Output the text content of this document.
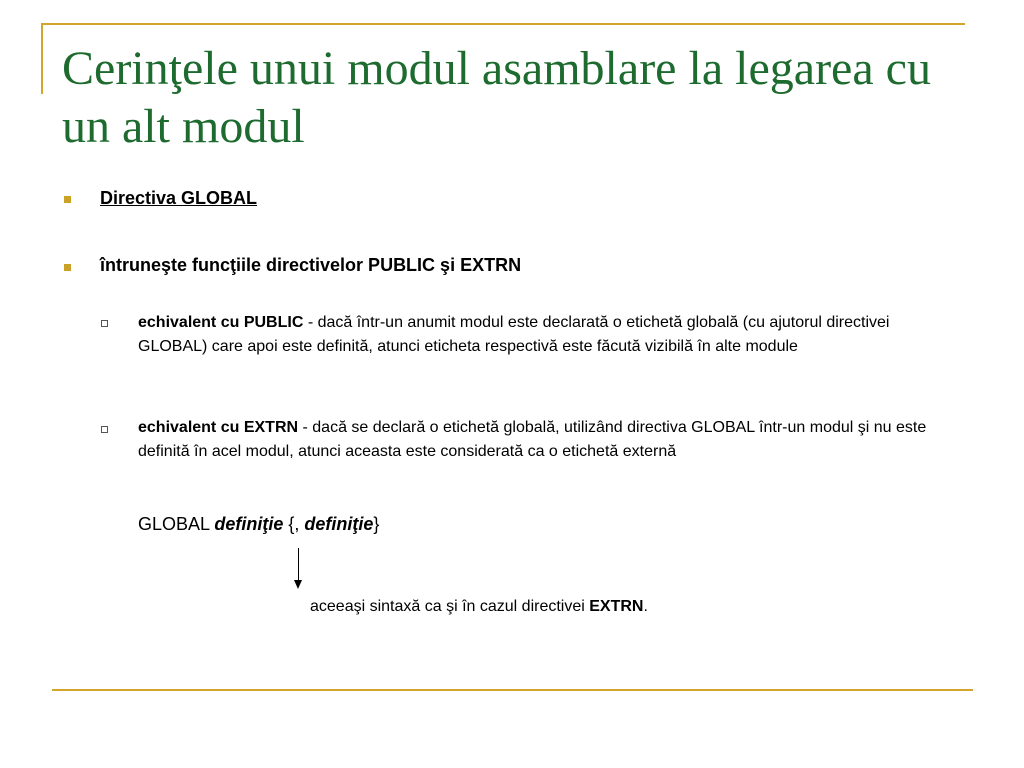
Cerinţele unui modul asamblare la legarea cu un alt modul
Directiva GLOBAL
întruneşte funcţiile directivelor PUBLIC şi EXTRN
echivalent cu PUBLIC - dacă într-un anumit modul este declarată o etichetă globală (cu ajutorul directivei GLOBAL) care apoi este definită, atunci eticheta respectivă este făcută vizibilă în alte module
echivalent cu EXTRN - dacă se declară o etichetă globală, utilizând directiva GLOBAL într-un modul şi nu este definită în acel modul, atunci aceasta este considerată ca o etichetă externă
GLOBAL definiţie {, definiţie}
aceeaşi sintaxă ca şi în cazul directivei EXTRN.
